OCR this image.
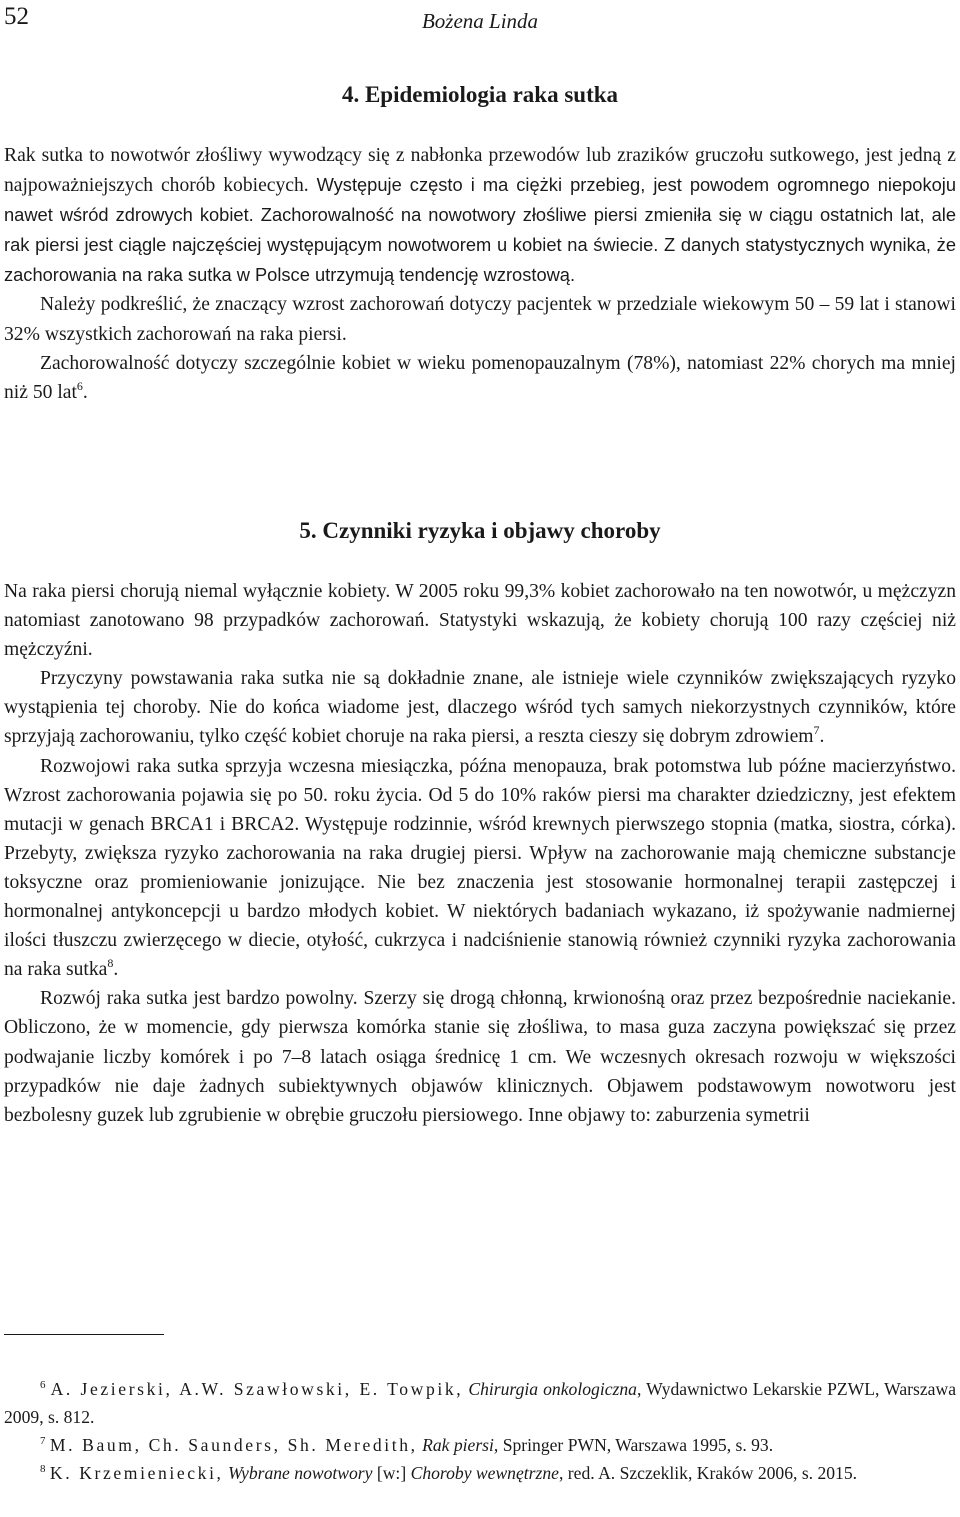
52	Bożena Linda
4. Epidemiologia raka sutka

Rak sutka to nowotwór złośliwy wywodzący się z nabłonka przewodów lub zrazików gruczołu sutkowego, jest jedną z najpoważniejszych chorób kobiecych. Występuje często i ma ciężki przebieg, jest powodem ogromnego niepokoju nawet wśród zdrowych kobiet. Zachorowalność na nowotwory złośliwe piersi zmieniła się w ciągu ostatnich lat, ale rak piersi jest ciągle najczęściej występującym nowotworem u kobiet na świecie. Z danych statystycznych wynika, że zachorowania na raka sutka w Polsce utrzymują tendencję wzrostową.

Należy podkreślić, że znaczący wzrost zachorowań dotyczy pacjentek w przedziale wiekowym 50 – 59 lat i stanowi 32% wszystkich zachorowań na raka piersi.

Zachorowalność dotyczy szczególnie kobiet w wieku pomenopauzalnym (78%), natomiast 22% chorych ma mniej niż 50 lat$^6$.

5. Czynniki ryzyka i objawy choroby

Na raka piersi chorują niemal wyłącznie kobiety. W 2005 roku 99,3% kobiet zachorowało na ten nowotwór, u mężczyzn natomiast zanotowano 98 przypadków zachorowań. Statystyki wskazują, że kobiety chorują 100 razy częściej niż mężczyźni.

Przyczyny powstawania raka sutka nie są dokładnie znane, ale istnieje wiele czynników zwiększających ryzyko wystąpienia tej choroby. Nie do końca wiadome jest, dlaczego wśród tych samych niekorzystnych czynników, które sprzyjają zachorowaniu, tylko część kobiet choruje na raka piersi, a reszta cieszy się dobrym zdrowiem$^7$.

Rozwojowi raka sutka sprzyja wczesna miesiączka, późna menopauza, brak potomstwa lub późne macierzyństwo. Wzrost zachorowania pojawia się po 50. roku życia. Od 5 do 10% raków piersi ma charakter dziedziczny, jest efektem mutacji w genach BRCA1 i BRCA2. Występuje rodzinnie, wśród krewnych pierwszego stopnia (matka, siostra, córka). Przebyty, zwiększa ryzyko zachorowania na raka drugiej piersi. Wpływ na zachorowanie mają chemiczne substancje toksyczne oraz promieniowanie jonizujące. Nie bez znaczenia jest stosowanie hormonalnej terapii zastępczej i hormonalnej antykoncepcji u bardzo młodych kobiet. W niektórych badaniach wykazano, iż spożywanie nadmiernej ilości tłuszczu zwierzęcego w diecie, otyłość, cukrzyca i nadciśnienie stanowią również czynniki ryzyka zachorowania na raka sutka$^8$.

Rozwój raka sutka jest bardzo powolny. Szerzy się drogą chłonną, krwionośną oraz przez bezpośrednie naciekanie. Obliczono, że w momencie, gdy pierwsza komórka stanie się złośliwa, to masa guza zaczyna powiększać się przez podwajanie liczby komórek i po 7–8 latach osiąga średnicę 1 cm. We wczesnych okresach rozwoju w większości przypadków nie daje żadnych subiektywnych objawów klinicznych. Objawem podstawowym nowotworu jest bezbolesny guzek lub zgrubienie w obrębie gruczołu piersiowego. Inne objawy to: zaburzenia symetrii

$^6$ A. Jezierski, A.W. Szawłowski, E. Towpik, Chirurgia onkologiczna, Wydawnictwo Lekarskie PZWL, Warszawa 2009, s. 812.

$^7$ M. Baum, Ch. Saunders, Sh. Meredith, Rak piersi, Springer PWN, Warszawa 1995, s. 93.

$^8$ K. Krzemieniecki, Wybrane nowotwory [w:] Choroby wewnętrzne, red. A. Szczeklik, Kraków 2006, s. 2015.
